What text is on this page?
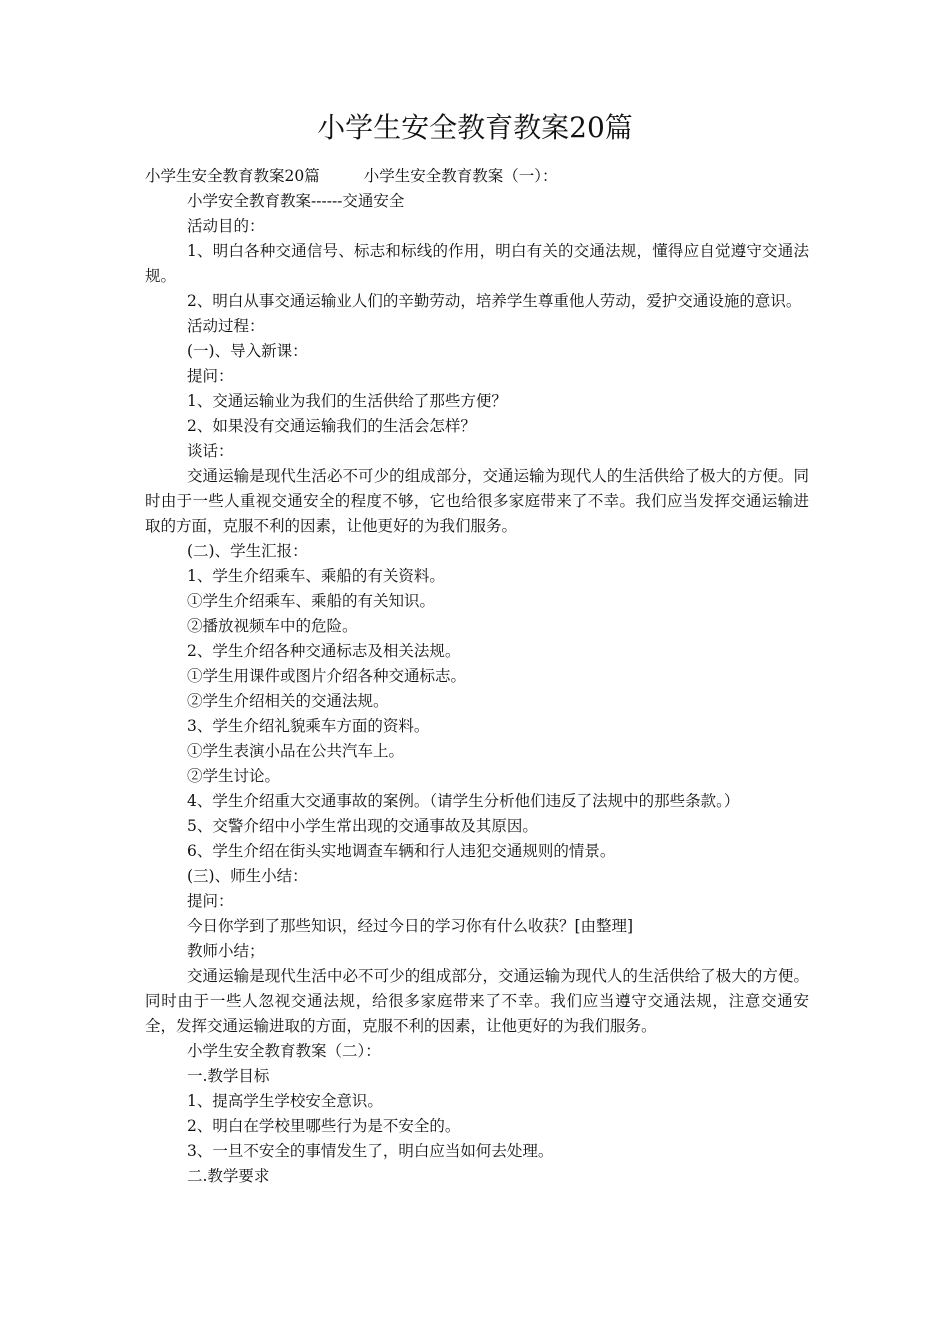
小学生安全教育教案20篇

小学生安全教育教案20篇	小学生安全教育教案（一）：

小学安全教育教案------交通安全

活动目的：

1、明白各种交通信号、标志和标线的作用，明白有关的交通法规，懂得应自觉遵守交通法规。

2、明白从事交通运输业人们的辛勤劳动，培养学生尊重他人劳动，爱护交通设施的意识。

活动过程：

(一)、导入新课：

提问：

1、交通运输业为我们的生活供给了那些方便？

2、如果没有交通运输我们的生活会怎样？

谈话：

交通运输是现代生活必不可少的组成部分，交通运输为现代人的生活供给了极大的方便。同时由于一些人重视交通安全的程度不够，它也给很多家庭带来了不幸。我们应当发挥交通运输进取的方面，克服不利的因素，让他更好的为我们服务。

(二)、学生汇报：

1、学生介绍乘车、乘船的有关资料。

①学生介绍乘车、乘船的有关知识。

②播放视频车中的危险。

2、学生介绍各种交通标志及相关法规。

①学生用课件或图片介绍各种交通标志。

②学生介绍相关的交通法规。

3、学生介绍礼貌乘车方面的资料。

①学生表演小品在公共汽车上。

②学生讨论。

4、学生介绍重大交通事故的案例。（请学生分析他们违反了法规中的那些条款。）

5、交警介绍中小学生常出现的交通事故及其原因。

6、学生介绍在街头实地调查车辆和行人违犯交通规则的情景。

(三)、师生小结：

提问：

今日你学到了那些知识，经过今日的学习你有什么收获？[由整理]

教师小结；

交通运输是现代生活中必不可少的组成部分，交通运输为现代人的生活供给了极大的方便。同时由于一些人忽视交通法规，给很多家庭带来了不幸。我们应当遵守交通法规，注意交通安全，发挥交通运输进取的方面，克服不利的因素，让他更好的为我们服务。

小学生安全教育教案（二）：

一.教学目标

1、提高学生学校安全意识。

2、明白在学校里哪些行为是不安全的。

3、一旦不安全的事情发生了，明白应当如何去处理。

二.教学要求
